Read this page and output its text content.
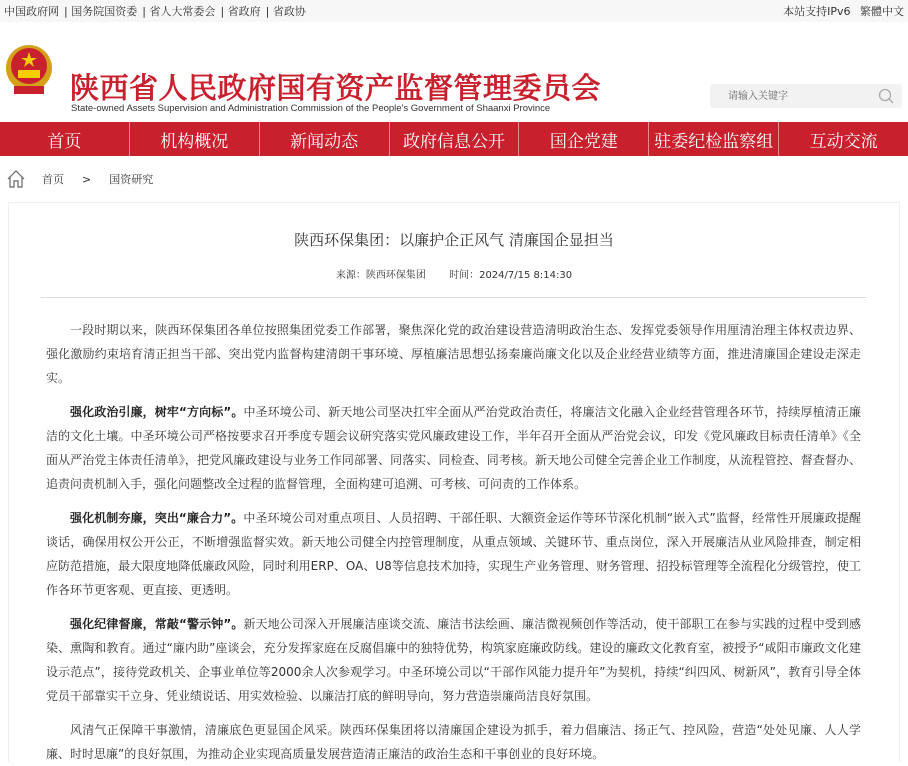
中国政府网 | 国务院国资委 | 省人大常委会 | 省政府 | 省政协	本站支持IPv6 繁體中文
陕西省人民政府国有资产监督管理委员会
State-owned Assets Supervision and Administration Commission of the People's Government of Shaanxi Province
请输入关键字
首页	机构概况	新闻动态	政府信息公开	国企党建	驻委纪检监察组	互动交流
首页 > 国资研究
陕西环保集团：以廉护企正风气 清廉国企显担当
来源：陕西环保集团 时间：2024/7/15 8:14:30

一段时期以来，陕西环保集团各单位按照集团党委工作部署，聚焦深化党的政治建设营造清明政治生态、发挥党委领导作用厘清治理主体权责边界、强化激励约束培育清正担当干部、突出党内监督构建清朗干事环境、厚植廉洁思想弘扬秦廉尚廉文化以及企业经营业绩等方面，推进清廉国企建设走深走实。

强化政治引廉，树牢“方向标”。中圣环境公司、新天地公司坚决扛牢全面从严治党政治责任，将廉洁文化融入企业经营管理各环节，持续厚植清正廉洁的文化土壤。中圣环境公司严格按要求召开季度专题会议研究落实党风廉政建设工作，半年召开全面从严治党会议，印发《党风廉政目标责任清单》《全面从严治党主体责任清单》，把党风廉政建设与业务工作同部署、同落实、同检查、同考核。新天地公司健全完善企业工作制度，从流程管控、督查督办、追责问责机制入手，强化问题整改全过程的监督管理，全面构建可追溯、可考核、可问责的工作体系。

强化机制夯廉，突出“廉合力”。中圣环境公司对重点项目、人员招聘、干部任职、大额资金运作等环节深化机制“嵌入式”监督，经常性开展廉政提醒谈话，确保用权公开公正，不断增强监督实效。新天地公司健全内控管理制度，从重点领域、关键环节、重点岗位，深入开展廉洁从业风险排查，制定相应防范措施，最大限度地降低廉政风险，同时利用ERP、OA、U8等信息技术加持，实现生产业务管理、财务管理、招投标管理等全流程化分级管控，使工作各环节更客观、更直接、更透明。

强化纪律督廉，常敲“警示钟”。新天地公司深入开展廉洁座谈交流、廉洁书法绘画、廉洁微视频创作等活动，使干部职工在参与实践的过程中受到感染、熏陶和教育。通过“廉内助”座谈会，充分发挥家庭在反腐倡廉中的独特优势，构筑家庭廉政防线。建设的廉政文化教育室，被授予“咸阳市廉政文化建设示范点”，接待党政机关、企事业单位等2000余人次参观学习。中圣环境公司以“干部作风能力提升年”为契机，持续“纠四风、树新风”，教育引导全体党员干部靠实干立身、凭业绩说话、用实效检验、以廉洁打底的鲜明导向，努力营造崇廉尚洁良好氛围。

风清气正保障干事激情，清廉底色更显国企风采。陕西环保集团将以清廉国企建设为抓手，着力倡廉洁、扬正气、控风险，营造“处处见廉、人人学廉、时时思廉”的良好氛围，为推动企业实现高质量发展营造清正廉洁的政治生态和干事创业的良好环境。
